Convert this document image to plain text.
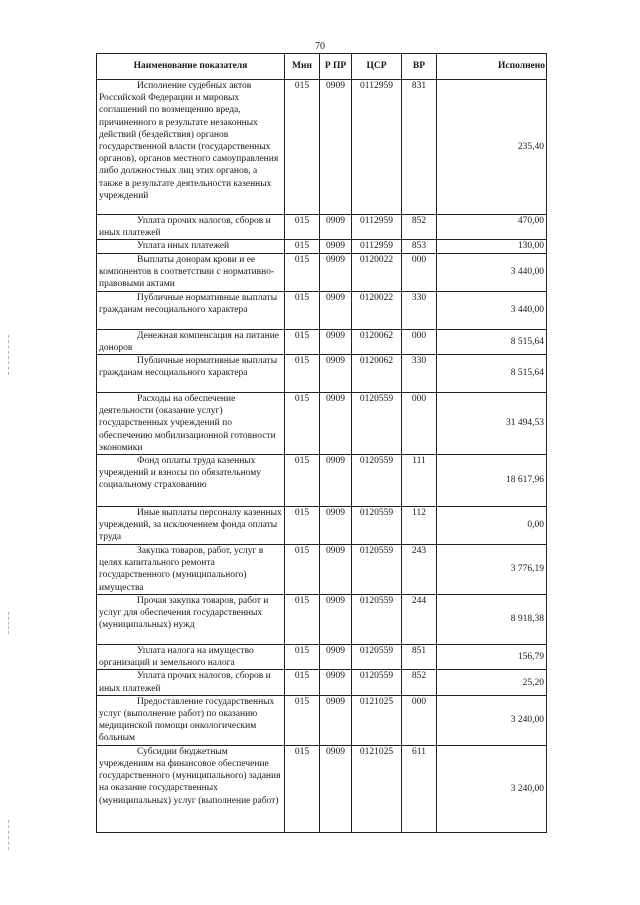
70
Наименование показателя	Мин	Р ПР	ЦСР	ВР	Исполнено
Исполнение судебных актов Российской Федерации и мировых соглашений по возмещению вреда, причиненного в результате незаконных действий (бездействия) органов государственной власти (государственных органов), органов местного самоуправления либо должностных лиц этих органов, а также в результате деятельности казенных учреждений	015	0909	0112959	831	235,40
Уплата прочих налогов, сборов и иных платежей	015	0909	0112959	852	470,00
Уплата иных платежей	015	0909	0112959	853	130,00
Выплаты донорам крови и ее компонентов в соответствии с нормативно-правовыми актами	015	0909	0120022	000	3 440,00
Публичные нормативные выплаты гражданам несоциального характера	015	0909	0120022	330	3 440,00
Денежная компенсация на питание доноров	015	0909	0120062	000	8 515,64
Публичные нормативные выплаты гражданам несоциального характера	015	0909	0120062	330	8 515,64
Расходы на обеспечение деятельности (оказание услуг) государственных учреждений по обеспечению мобилизационной готовности экономики	015	0909	0120559	000	31 494,53
Фонд оплаты труда казенных учреждений и взносы по обязательному социальному страхованию	015	0909	0120559	111	18 617,96
Иные выплаты персоналу казенных учреждений, за исключением фонда оплаты труда	015	0909	0120559	112	0,00
Закупка товаров, работ, услуг в целях капитального ремонта государственного (муниципального) имущества	015	0909	0120559	243	3 776,19
Прочая закупка товаров, работ и услуг для обеспечения государственных (муниципальных) нужд	015	0909	0120559	244	8 918,38
Уплата налога на имущество организаций и земельного налога	015	0909	0120559	851	156,79
Уплата прочих налогов, сборов и иных платежей	015	0909	0120559	852	25,20
Предоставление государственных услуг (выполнение работ) по оказанию медицинской помощи онкологическим больным	015	0909	0121025	000	3 240,00
Субсидии бюджетным учреждениям на финансовое обеспечение государственного (муниципального) задания на оказание государственных (муниципальных) услуг (выполнение работ)	015	0909	0121025	611	3 240,00
